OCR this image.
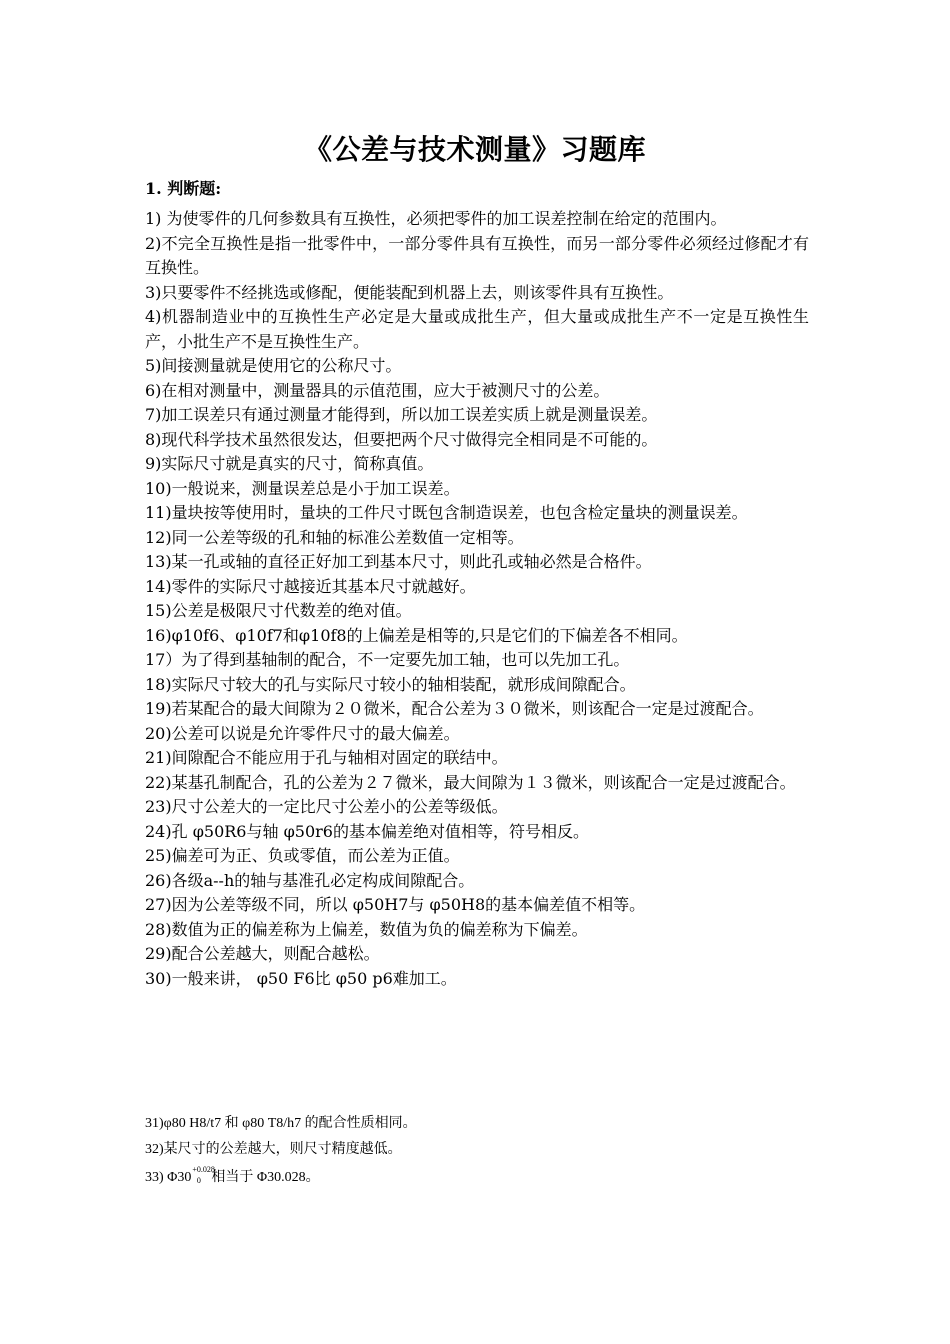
《公差与技术测量》习题库
1. 判断题:

1) 为使零件的几何参数具有互换性，必须把零件的加工误差控制在给定的范围内。

2)不完全互换性是指一批零件中，一部分零件具有互换性，而另一部分零件必须经过修配才有互换性。

3)只要零件不经挑选或修配，便能装配到机器上去，则该零件具有互换性。

4)机器制造业中的互换性生产必定是大量或成批生产，但大量或成批生产不一定是互换性生产，小批生产不是互换性生产。

5)间接测量就是使用它的公称尺寸。

6)在相对测量中，测量器具的示值范围，应大于被测尺寸的公差。

7)加工误差只有通过测量才能得到，所以加工误差实质上就是测量误差。

8)现代科学技术虽然很发达，但要把两个尺寸做得完全相同是不可能的。

9)实际尺寸就是真实的尺寸，简称真值。

10)一般说来，测量误差总是小于加工误差。

11)量块按等使用时，量块的工件尺寸既包含制造误差，也包含检定量块的测量误差。

12)同一公差等级的孔和轴的标准公差数值一定相等。

13)某一孔或轴的直径正好加工到基本尺寸，则此孔或轴必然是合格件。

14)零件的实际尺寸越接近其基本尺寸就越好。

15)公差是极限尺寸代数差的绝对值。

16)φ10f6、φ10f7和φ10f8的上偏差是相等的,只是它们的下偏差各不相同。

17）为了得到基轴制的配合，不一定要先加工轴，也可以先加工孔。

18)实际尺寸较大的孔与实际尺寸较小的轴相装配，就形成间隙配合。

19)若某配合的最大间隙为２０微米，配合公差为３０微米，则该配合一定是过渡配合。

20)公差可以说是允许零件尺寸的最大偏差。

21)间隙配合不能应用于孔与轴相对固定的联结中。

22)某基孔制配合，孔的公差为２７微米，最大间隙为１３微米，则该配合一定是过渡配合。

23)尺寸公差大的一定比尺寸公差小的公差等级低。

24)孔 φ50R6与轴 φ50r6的基本偏差绝对值相等，符号相反。

25)偏差可为正、负或零值，而公差为正值。

26)各级a--h的轴与基准孔必定构成间隙配合。

27)因为公差等级不同，所以 φ50H7与 φ50H8的基本偏差值不相等。

28)数值为正的偏差称为上偏差，数值为负的偏差称为下偏差。

29)配合公差越大，则配合越松。

30)一般来讲， φ50 F6比 φ50 p6难加工。

31)φ80 H8/t7 和 φ80 T8/h7 的配合性质相同。
32)某尺寸的公差越大，则尺寸精度越低。
33) $\Phi 30^{+0.028}0$   相当于 Φ30.028。
